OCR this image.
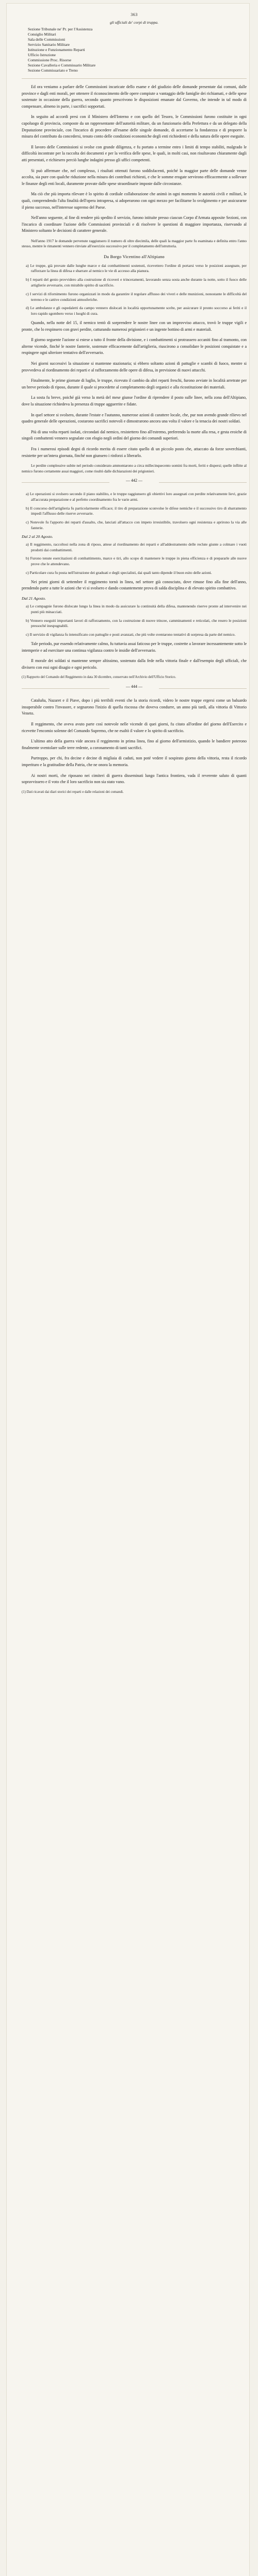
363
gli ufficiali de' corpi di truppa.
Sezione Tribunale ne' Pr. per l'Assistenza
Consiglio Militari
Sala delle Commissioni
Servizio Sanitario Militare
Istituzione e Funzionamento Reparti
Ufficio Istruzione
Commissione Proc. Risorse
Sezione Cavalleria e Commissario Militare
Sezione Commissariato e Treno
Ed ora veniamo a parlare delle Commissioni incaricate dello esame e del giudizio delle domande presentate dai comuni, dalle province e dagli enti morali, per ottenere il riconoscimento delle opere compiute a vantaggio delle famiglie dei richiamati, e delle spese sostenute in occasione della guerra, secondo quanto prescrivono le disposizioni emanate dal Governo, che intende in tal modo di compensare, almeno in parte, i sacrifici sopportati.
In seguito ad accordi presi con il Ministero dell'Interno e con quello del Tesoro, le Commissioni furono costituite in ogni capoluogo di provincia, composte da un rappresentante dell'autorità militare, da un funzionario della Prefettura e da un delegato della Deputazione provinciale, con l'incarico di procedere all'esame delle singole domande, di accertarne la fondatezza e di proporre la misura del contributo da concedersi, tenuto conto delle condizioni economiche degli enti richiedenti e della natura delle opere eseguite.
Il lavoro delle Commissioni si svolse con grande diligenza, e fu portato a termine entro i limiti di tempo stabiliti, malgrado le difficoltà incontrate per la raccolta dei documenti e per la verifica delle spese, le quali, in molti casi, non risultavano chiaramente dagli atti presentati, e richiesero perciò lunghe indagini presso gli uffici competenti.
Si può affermare che, nel complesso, i risultati ottenuti furono soddisfacenti, poiché la maggior parte delle domande venne accolta, sia pure con qualche riduzione nella misura dei contributi richiesti, e che le somme erogate servirono efficacemente a sollevare le finanze degli enti locali, duramente provate dalle spese straordinarie imposte dalle circostanze.
Ma ciò che più importa rilevare è lo spirito di cordiale collaborazione che animò in ogni momento le autorità civili e militari, le quali, comprendendo l'alta finalità dell'opera intrapresa, si adoperarono con ogni mezzo per facilitarne lo svolgimento e per assicurarne il pieno successo, nell'interesse supremo del Paese.
Nell'anno seguente, al fine di rendere più spedito il servizio, furono istituite presso ciascun Corpo d'Armata apposite Sezioni, con l'incarico di coordinare l'azione delle Commissioni provinciali e di risolvere le questioni di maggiore importanza, riservando al Ministero soltanto le decisioni di carattere generale.
Nell'anno 1917 le domande pervenute raggiunsero il numero di oltre diecimila, delle quali la maggior parte fu esaminata e definita entro l'anno stesso, mentre le rimanenti vennero rinviate all'esercizio successivo per il completamento dell'istruttoria.
Da Borgo Vicentino all'Altipiano
a) Le truppe, già provate dalle lunghe marce e dai combattimenti sostenuti, ricevettero l'ordine di portarsi verso le posizioni assegnate, per rafforzare la linea di difesa e sbarrare al nemico le vie di accesso alla pianura.
b) I reparti del genio provvidero alla costruzione di ricoveri e trinceramenti, lavorando senza sosta anche durante la notte, sotto il fuoco delle artiglierie avversarie, con mirabile spirito di sacrificio.
c) I servizi di rifornimento furono organizzati in modo da garantire il regolare afflusso dei viveri e delle munizioni, nonostante le difficoltà del terreno e le cattive condizioni atmosferiche.
d) Le ambulanze e gli ospedaletti da campo vennero dislocati in località opportunamente scelte, per assicurare il pronto soccorso ai feriti e il loro rapido sgombero verso i luoghi di cura.
Quando, nella notte del 15, il nemico tentò di sorprendere le nostre linee con un improvviso attacco, trovò le truppe vigili e pronte, che lo respinsero con gravi perdite, catturando numerosi prigionieri e un ingente bottino di armi e materiali.
Il giorno seguente l'azione si estese a tutto il fronte della divisione, e i combattimenti si protrassero accaniti fino al tramonto, con alterne vicende, finché le nostre fanterie, sostenute efficacemente dall'artiglieria, riuscirono a consolidare le posizioni conquistate e a respingere ogni ulteriore tentativo dell'avversario.
Nei giorni successivi la situazione si mantenne stazionaria; si ebbero soltanto azioni di pattuglie e scambi di fuoco, mentre si provvedeva al riordinamento dei reparti e al rafforzamento delle opere di difesa, in previsione di nuovi attacchi.
Finalmente, le prime giornate di luglio, le truppe, ricevuto il cambio da altri reparti freschi, furono avviate in località arretrate per un breve periodo di riposo, durante il quale si procedette al completamento degli organici e alla ricostituzione dei materiali.
La sosta fu breve, poiché già verso la metà del mese giunse l'ordine di riprendere il posto sulle linee, nella zona dell'Altipiano, dove la situazione richiedeva la presenza di truppe agguerrite e fidate.
In quel settore si svolsero, durante l'estate e l'autunno, numerose azioni di carattere locale, che, pur non avendo grande rilievo nel quadro generale delle operazioni, costarono sacrifici notevoli e dimostrarono ancora una volta il valore e la tenacia dei nostri soldati.
Più di una volta reparti isolati, circondati dal nemico, resistettero fino all'estremo, preferendo la morte alla resa, e gesta eroiche di singoli combattenti vennero segnalate con elogio negli ordini del giorno dei comandi superiori.
Fra i numerosi episodi degni di ricordo merita di essere citato quello di un piccolo posto che, attaccato da forze soverchianti, resistette per un'intera giornata, finché non giunsero i rinforzi a liberarlo.
Le perdite complessive subite nel periodo considerato ammontarono a circa millecinquecento uomini fra morti, feriti e dispersi; quelle inflitte al nemico furono certamente assai maggiori, come risultò dalle dichiarazioni dei prigionieri.
— 442 —
a) Le operazioni si svolsero secondo il piano stabilito, e le truppe raggiunsero gli obiettivi loro assegnati con perdite relativamente lievi, grazie all'accurata preparazione e al perfetto coordinamento fra le varie armi.
b) Il concorso dell'artiglieria fu particolarmente efficace; il tiro di preparazione sconvolse le difese nemiche e il successivo tiro di sbarramento impedì l'afflusso delle riserve avversarie.
c) Notevole fu l'apporto dei reparti d'assalto, che, lanciati all'attacco con impeto irresistibile, travolsero ogni resistenza e aprirono la via alle fanterie.
Dal 2 al 20 Agosto.
a) Il reggimento, raccoltosi nella zona di riposo, attese al riordinamento dei reparti e all'addestramento delle reclute giunte a colmare i vuoti prodotti dai combattimenti.
b) Furono tenute esercitazioni di combattimento, marce e tiri, allo scopo di mantenere le truppe in piena efficienza e di prepararle alle nuove prove che le attendevano.
c) Particolare cura fu posta nell'istruzione dei graduati e degli specialisti, dai quali tanto dipende il buon esito delle azioni.
Nei primi giorni di settembre il reggimento tornò in linea, nel settore già conosciuto, dove rimase fino alla fine dell'anno, prendendo parte a tutte le azioni che vi si svolsero e dando costantemente prova di salda disciplina e di elevato spirito combattivo.
Dal 21 Agosto.
a) Le compagnie furono dislocate lungo la linea in modo da assicurare la continuità della difesa, mantenendo riserve pronte ad intervenire nei punti più minacciati.
b) Vennero eseguiti importanti lavori di rafforzamento, con la costruzione di nuove trincee, camminamenti e reticolati, che resero le posizioni pressoché inespugnabili.
c) Il servizio di vigilanza fu intensificato con pattuglie e posti avanzati, che più volte sventarono tentativi di sorpresa da parte del nemico.
Tale periodo, pur essendo relativamente calmo, fu tuttavia assai faticoso per le truppe, costrette a lavorare incessantemente sotto le intemperie e ad esercitare una continua vigilanza contro le insidie dell'avversario.
Il morale dei soldati si mantenne sempre altissimo, sostenuto dalla fede nella vittoria finale e dall'esempio degli ufficiali, che divisero con essi ogni disagio e ogni pericolo.
(1) Rapporto del Comando del Reggimento in data 30 dicembre, conservato nell'Archivio dell'Ufficio Storico.
— 444 —
Cataluña, Nazaret e il Piave, dopo i più terribili eventi che la storia ricordi, videro le nostre truppe ergersi come un baluardo insuperabile contro l'invasore, e segnarono l'inizio di quella riscossa che doveva condurre, un anno più tardi, alla vittoria di Vittorio Veneto.
Il reggimento, che aveva avuto parte così notevole nelle vicende di quei giorni, fu citato all'ordine del giorno dell'Esercito e ricevette l'encomio solenne del Comando Supremo, che ne esaltò il valore e lo spirito di sacrificio.
L'ultimo atto della guerra vide ancora il reggimento in prima linea, fino al giorno dell'armistizio, quando le bandiere poterono finalmente sventolare sulle terre redente, a coronamento di tanti sacrifici.
Purtroppo, per chi, fra decine e decine di migliaia di caduti, non poté vedere il sospirato giorno della vittoria, resta il ricordo imperituro e la gratitudine della Patria, che ne onora la memoria.
Ai nostri morti, che riposano nei cimiteri di guerra disseminati lungo l'antica frontiera, vada il reverente saluto di quanti sopravvissero e il voto che il loro sacrificio non sia stato vano.
(1) Dati ricavati dai diari storici dei reparti e dalle relazioni dei comandi.
